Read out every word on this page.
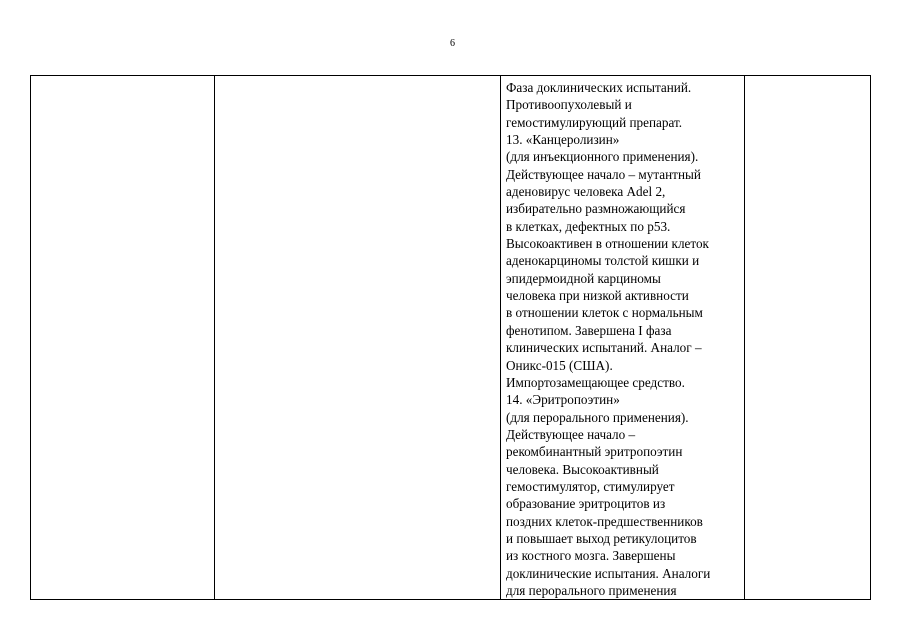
6

Фаза доклинических испытаний.
Противоопухолевый и
гемостимулирующий препарат.
13. «Канцеролизин»
(для инъекционного применения).
Действующее начало – мутантный
аденовирус человека Adel 2,
избирательно размножающийся
в клетках, дефектных по р53.
Высокоактивен в отношении клеток
аденокарциномы толстой кишки и
эпидермоидной карциномы
человека при низкой активности
в отношении клеток с нормальным
фенотипом. Завершена I фаза
клинических испытаний. Аналог –
Оникс-015 (США).
Импортозамещающее средство.
14. «Эритропоэтин»
(для перорального применения).
Действующее начало –
рекомбинантный эритропоэтин
человека. Высокоактивный
гемостимулятор, стимулирует
образование эритроцитов из
поздних клеток-предшественников
и повышает выход ретикулоцитов
из костного мозга. Завершены
доклинические испытания. Аналоги
для перорального применения
